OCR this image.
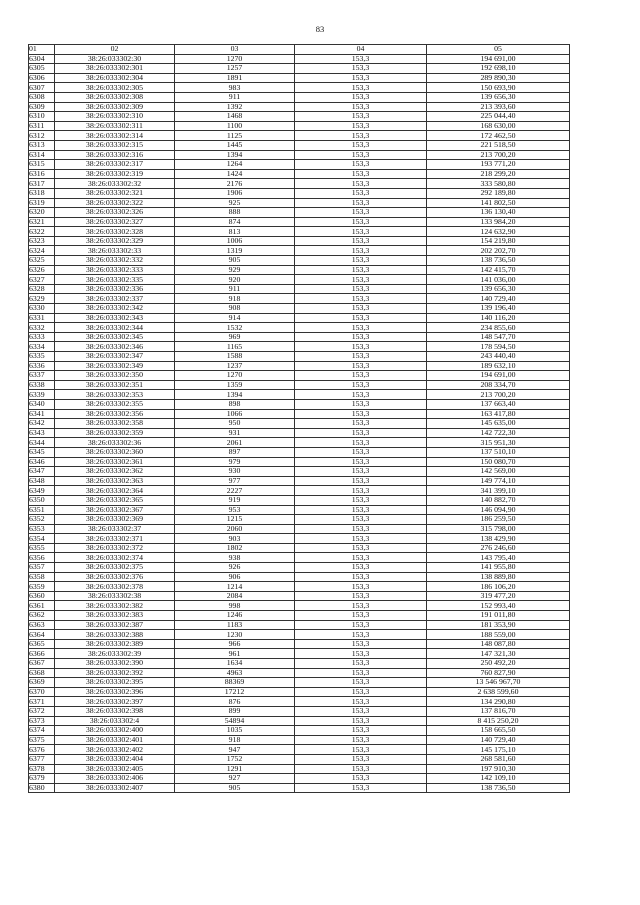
83
01	02	03	04	05
6304	38:26:033302:30	1270	153,3	194 691,00
6305	38:26:033302:301	1257	153,3	192 698,10
6306	38:26:033302:304	1891	153,3	289 890,30
6307	38:26:033302:305	983	153,3	150 693,90
6308	38:26:033302:308	911	153,3	139 656,30
6309	38:26:033302:309	1392	153,3	213 393,60
6310	38:26:033302:310	1468	153,3	225 044,40
6311	38:26:033302:311	1100	153,3	168 630,00
6312	38:26:033302:314	1125	153,3	172 462,50
6313	38:26:033302:315	1445	153,3	221 518,50
6314	38:26:033302:316	1394	153,3	213 700,20
6315	38:26:033302:317	1264	153,3	193 771,20
6316	38:26:033302:319	1424	153,3	218 299,20
6317	38:26:033302:32	2176	153,3	333 580,80
6318	38:26:033302:321	1906	153,3	292 189,80
6319	38:26:033302:322	925	153,3	141 802,50
6320	38:26:033302:326	888	153,3	136 130,40
6321	38:26:033302:327	874	153,3	133 984,20
6322	38:26:033302:328	813	153,3	124 632,90
6323	38:26:033302:329	1006	153,3	154 219,80
6324	38:26:033302:33	1319	153,3	202 202,70
6325	38:26:033302:332	905	153,3	138 736,50
6326	38:26:033302:333	929	153,3	142 415,70
6327	38:26:033302:335	920	153,3	141 036,00
6328	38:26:033302:336	911	153,3	139 656,30
6329	38:26:033302:337	918	153,3	140 729,40
6330	38:26:033302:342	908	153,3	139 196,40
6331	38:26:033302:343	914	153,3	140 116,20
6332	38:26:033302:344	1532	153,3	234 855,60
6333	38:26:033302:345	969	153,3	148 547,70
6334	38:26:033302:346	1165	153,3	178 594,50
6335	38:26:033302:347	1588	153,3	243 440,40
6336	38:26:033302:349	1237	153,3	189 632,10
6337	38:26:033302:350	1270	153,3	194 691,00
6338	38:26:033302:351	1359	153,3	208 334,70
6339	38:26:033302:353	1394	153,3	213 700,20
6340	38:26:033302:355	898	153,3	137 663,40
6341	38:26:033302:356	1066	153,3	163 417,80
6342	38:26:033302:358	950	153,3	145 635,00
6343	38:26:033302:359	931	153,3	142 722,30
6344	38:26:033302:36	2061	153,3	315 951,30
6345	38:26:033302:360	897	153,3	137 510,10
6346	38:26:033302:361	979	153,3	150 080,70
6347	38:26:033302:362	930	153,3	142 569,00
6348	38:26:033302:363	977	153,3	149 774,10
6349	38:26:033302:364	2227	153,3	341 399,10
6350	38:26:033302:365	919	153,3	140 882,70
6351	38:26:033302:367	953	153,3	146 094,90
6352	38:26:033302:369	1215	153,3	186 259,50
6353	38:26:033302:37	2060	153,3	315 798,00
6354	38:26:033302:371	903	153,3	138 429,90
6355	38:26:033302:372	1802	153,3	276 246,60
6356	38:26:033302:374	938	153,3	143 795,40
6357	38:26:033302:375	926	153,3	141 955,80
6358	38:26:033302:376	906	153,3	138 889,80
6359	38:26:033302:378	1214	153,3	186 106,20
6360	38:26:033302:38	2084	153,3	319 477,20
6361	38:26:033302:382	998	153,3	152 993,40
6362	38:26:033302:383	1246	153,3	191 011,80
6363	38:26:033302:387	1183	153,3	181 353,90
6364	38:26:033302:388	1230	153,3	188 559,00
6365	38:26:033302:389	966	153,3	148 087,80
6366	38:26:033302:39	961	153,3	147 321,30
6367	38:26:033302:390	1634	153,3	250 492,20
6368	38:26:033302:392	4963	153,3	760 827,90
6369	38:26:033302:395	88369	153,3	13 546 967,70
6370	38:26:033302:396	17212	153,3	2 638 599,60
6371	38:26:033302:397	876	153,3	134 290,80
6372	38:26:033302:398	899	153,3	137 816,70
6373	38:26:033302:4	54894	153,3	8 415 250,20
6374	38:26:033302:400	1035	153,3	158 665,50
6375	38:26:033302:401	918	153,3	140 729,40
6376	38:26:033302:402	947	153,3	145 175,10
6377	38:26:033302:404	1752	153,3	268 581,60
6378	38:26:033302:405	1291	153,3	197 910,30
6379	38:26:033302:406	927	153,3	142 109,10
6380	38:26:033302:407	905	153,3	138 736,50
